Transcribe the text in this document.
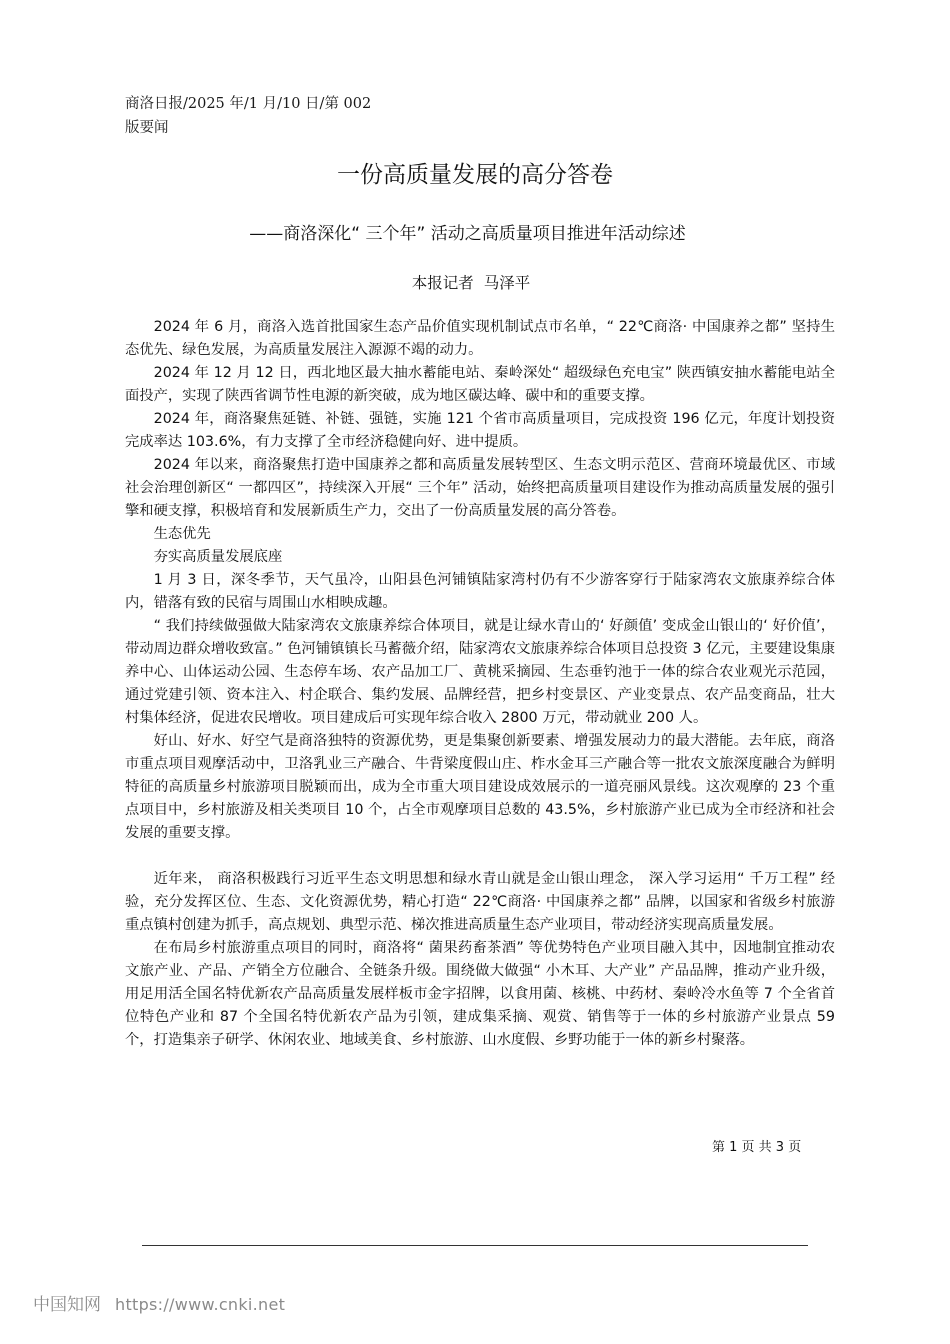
商洛日报/2025 年/1 月/10 日/第 002
版要闻
一份高质量发展的高分答卷
——商洛深化“ 三个年” 活动之高质量项目推进年活动综述
本报记者 马泽平

2024 年 6 月，商洛入选首批国家生态产品价值实现机制试点市名单，“ 22℃商洛· 中国康养之都” 坚持生态优先、绿色发展，为高质量发展注入源源不竭的动力。

2024 年 12 月 12 日，西北地区最大抽水蓄能电站、秦岭深处“ 超级绿色充电宝” 陕西镇安抽水蓄能电站全面投产，实现了陕西省调节性电源的新突破，成为地区碳达峰、碳中和的重要支撑。

2024 年，商洛聚焦延链、补链、强链，实施 121 个省市高质量项目，完成投资 196 亿元，年度计划投资完成率达 103.6%，有力支撑了全市经济稳健向好、进中提质。

2024 年以来，商洛聚焦打造中国康养之都和高质量发展转型区、生态文明示范区、营商环境最优区、市域社会治理创新区“ 一都四区”，持续深入开展“ 三个年” 活动，始终把高质量项目建设作为推动高质量发展的强引擎和硬支撑，积极培育和发展新质生产力，交出了一份高质量发展的高分答卷。

生态优先

夯实高质量发展底座

1 月 3 日，深冬季节，天气虽冷，山阳县色河铺镇陆家湾村仍有不少游客穿行于陆家湾农文旅康养综合体内，错落有致的民宿与周围山水相映成趣。

“ 我们持续做强做大陆家湾农文旅康养综合体项目，就是让绿水青山的‘ 好颜值’ 变成金山银山的‘ 好价值’，带动周边群众增收致富。” 色河铺镇镇长马蓄薇介绍，陆家湾农文旅康养综合体项目总投资 3 亿元，主要建设集康养中心、山体运动公园、生态停车场、农产品加工厂、黄桃采摘园、生态垂钓池于一体的综合农业观光示范园，通过党建引领、资本注入、村企联合、集约发展、品牌经营，把乡村变景区、产业变景点、农产品变商品，壮大村集体经济，促进农民增收。项目建成后可实现年综合收入 2800 万元，带动就业 200 人。

好山、好水、好空气是商洛独特的资源优势，更是集聚创新要素、增强发展动力的最大潜能。去年底，商洛市重点项目观摩活动中，卫洛乳业三产融合、牛背梁度假山庄、柞水金耳三产融合等一批农文旅深度融合为鲜明特征的高质量乡村旅游项目脱颖而出，成为全市重大项目建设成效展示的一道亮丽风景线。这次观摩的 23 个重点项目中，乡村旅游及相关类项目 10 个，占全市观摩项目总数的 43.5%，乡村旅游产业已成为全市经济和社会发展的重要支撑。

近年来， 商洛积极践行习近平生态文明思想和绿水青山就是金山银山理念， 深入学习运用“ 千万工程” 经验，充分发挥区位、生态、文化资源优势，精心打造“ 22℃商洛· 中国康养之都” 品牌，以国家和省级乡村旅游重点镇村创建为抓手，高点规划、典型示范、梯次推进高质量生态产业项目，带动经济实现高质量发展。

在布局乡村旅游重点项目的同时，商洛将“ 菌果药畜茶酒” 等优势特色产业项目融入其中，因地制宜推动农文旅产业、产品、产销全方位融合、全链条升级。围绕做大做强“ 小木耳、大产业” 产品品牌，推动产业升级，用足用活全国名特优新农产品高质量发展样板市金字招牌，以食用菌、核桃、中药材、秦岭冷水鱼等 7 个全省首位特色产业和 87 个全国名特优新农产品为引领，建成集采摘、观赏、销售等于一体的乡村旅游产业景点 59 个，打造集亲子研学、休闲农业、地域美食、乡村旅游、山水度假、乡野功能于一体的新乡村聚落。

第 1 页 共 3 页
中国知网 https://www.cnki.net
